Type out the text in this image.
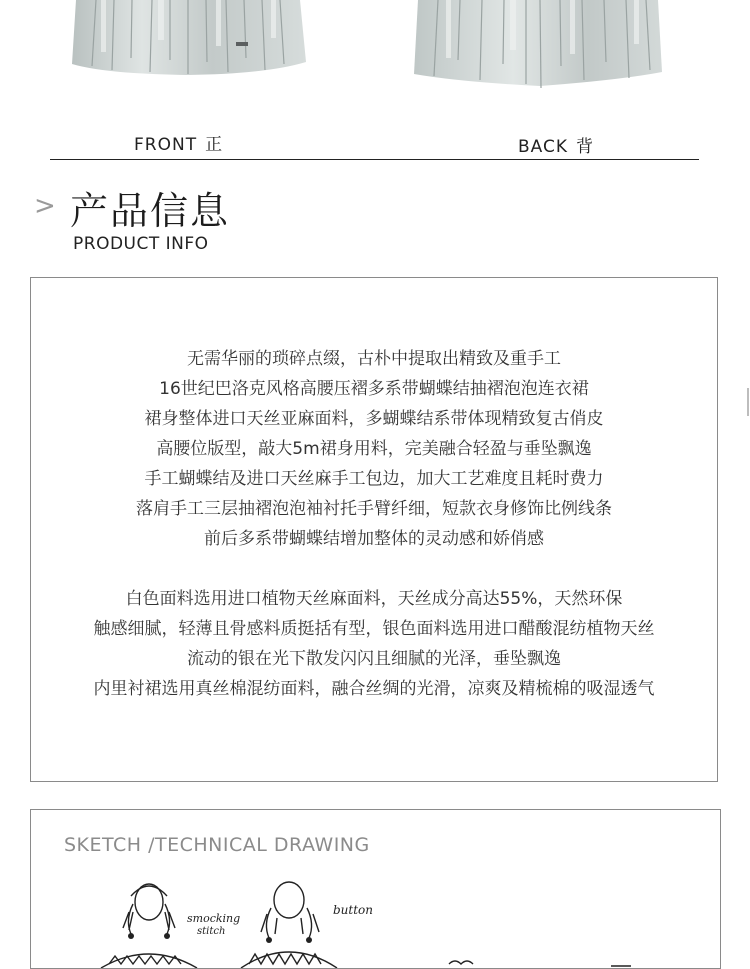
FRONT 正	BACK 背
> 产品信息
PRODUCT INFO
无需华丽的琐碎点缀，古朴中提取出精致及重手工
16世纪巴洛克风格高腰压褶多系带蝴蝶结抽褶泡泡连衣裙
裙身整体进口天丝亚麻面料，多蝴蝶结系带体现精致复古俏皮
高腰位版型，敲大5m裙身用料，完美融合轻盈与垂坠飘逸
手工蝴蝶结及进口天丝麻手工包边，加大工艺难度且耗时费力
落肩手工三层抽褶泡泡袖衬托手臂纤细，短款衣身修饰比例线条
前后多系带蝴蝶结增加整体的灵动感和娇俏感
白色面料选用进口植物天丝麻面料，天丝成分高达55%，天然环保
触感细腻，轻薄且骨感料质挺括有型，银色面料选用进口醋酸混纺植物天丝
流动的银在光下散发闪闪且细腻的光泽，垂坠飘逸
内里衬裙选用真丝棉混纺面料，融合丝绸的光滑，凉爽及精梳棉的吸湿透气
SKETCH /TECHNICAL DRAWING
smocking
stitch
button
